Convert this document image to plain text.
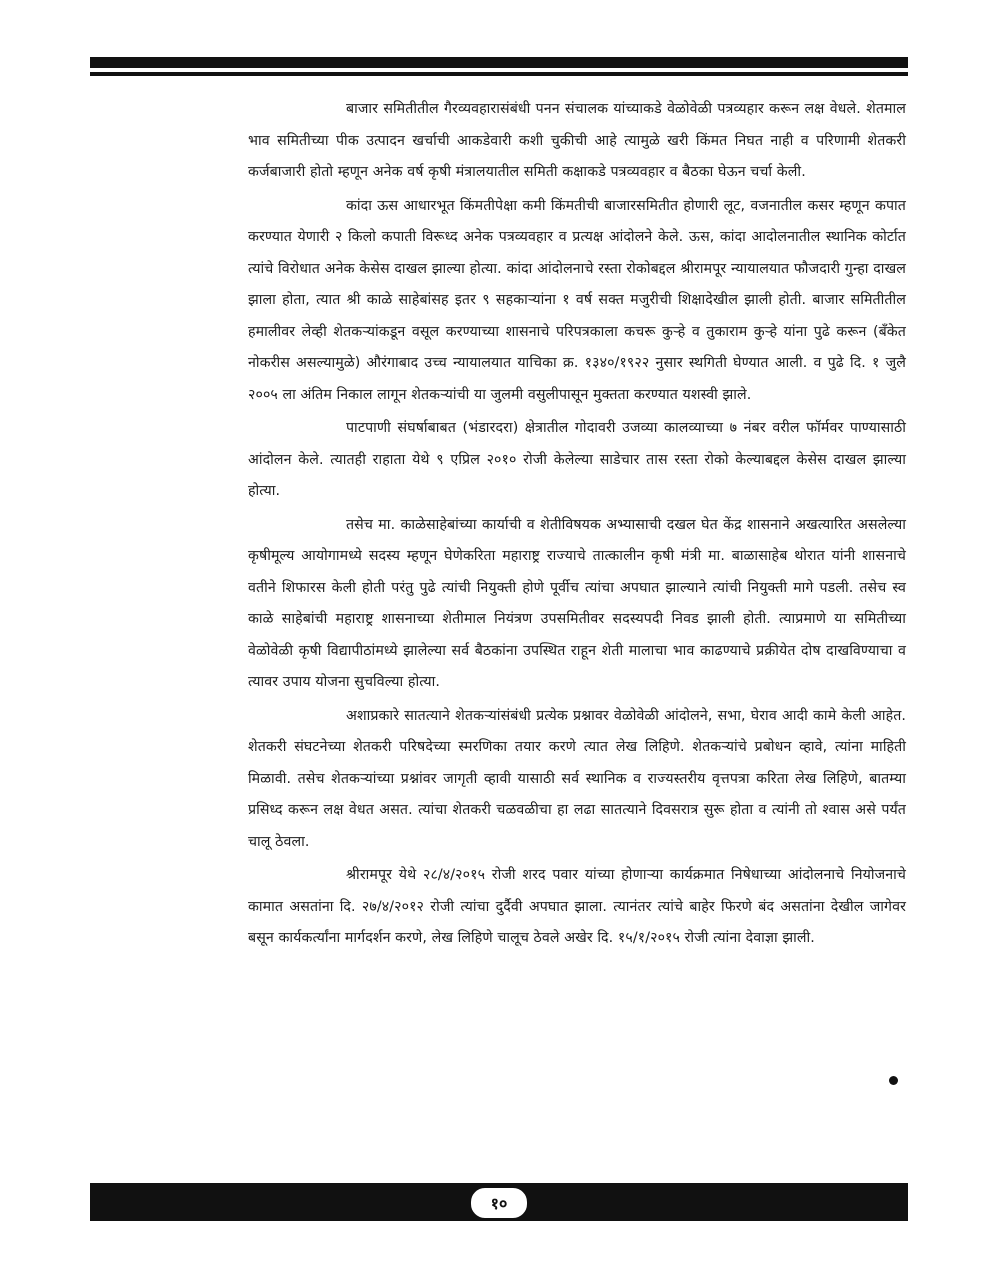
बाजार समितीतील गैरव्यवहारासंबंधी पनन संचालक यांच्याकडे वेळोवेळी पत्रव्यहार करून लक्ष वेधले. शेतमाल भाव समितीच्या पीक उत्पादन खर्चाची आकडेवारी कशी चुकीची आहे त्यामुळे खरी किंमत निघत नाही व परिणामी शेतकरी कर्जबाजारी होतो म्हणून अनेक वर्ष कृषी मंत्रालयातील समिती कक्षाकडे पत्रव्यवहार व बैठका घेऊन चर्चा केली.

कांदा ऊस आधारभूत किंमतीपेक्षा कमी किंमतीची बाजारसमितीत होणारी लूट, वजनातील कसर म्हणून कपात करण्यात येणारी २ किलो कपाती विरूध्द अनेक पत्रव्यवहार व प्रत्यक्ष आंदोलने केले. ऊस, कांदा आदोलनातील स्थानिक कोर्टात त्यांचे विरोधात अनेक केसेस दाखल झाल्या होत्या. कांदा आंदोलनाचे रस्ता रोकोबद्दल श्रीरामपूर न्यायालयात फौजदारी गुन्हा दाखल झाला होता, त्यात श्री काळे साहेबांसह इतर ९ सहकाऱ्यांना १ वर्ष सक्त मजुरीची शिक्षादेखील झाली होती. बाजार समितीतील हमालीवर लेव्ही शेतकऱ्यांकडून वसूल करण्याच्या शासनाचे परिपत्रकाला कचरू कुऱ्हे व तुकाराम कुऱ्हे यांना पुढे करून (बँकेत नोकरीस असल्यामुळे) औरंगाबाद उच्च न्यायालयात याचिका क्र. १३४०/१९२२ नुसार स्थगिती घेण्यात आली. व पुढे दि. १ जुलै २००५ ला अंतिम निकाल लागून शेतकऱ्यांची या जुलमी वसुलीपासून मुक्तता करण्यात यशस्वी झाले.

पाटपाणी संघर्षाबाबत (भंडारदरा) क्षेत्रातील गोदावरी उजव्या कालव्याच्या ७ नंबर वरील फॉर्मवर पाण्यासाठी आंदोलन केले. त्यातही राहाता येथे ९ एप्रिल २०१० रोजी केलेल्या साडेचार तास रस्ता रोको केल्याबद्दल केसेस दाखल झाल्या होत्या.

तसेच मा. काळेसाहेबांच्या कार्याची व शेतीविषयक अभ्यासाची दखल घेत केंद्र शासनाने अखत्यारित असलेल्या कृषीमूल्य आयोगामध्ये सदस्य म्हणून घेणेकरिता महाराष्ट्र राज्याचे तात्कालीन कृषी मंत्री मा. बाळासाहेब थोरात यांनी शासनाचे वतीने शिफारस केली होती परंतु पुढे त्यांची नियुक्ती होणे पूर्वीच त्यांचा अपघात झाल्याने त्यांची नियुक्ती मागे पडली. तसेच स्व काळे साहेबांची महाराष्ट्र शासनाच्या शेतीमाल नियंत्रण उपसमितीवर सदस्यपदी निवड झाली होती. त्याप्रमाणे या समितीच्या वेळोवेळी कृषी विद्यापीठांमध्ये झालेल्या सर्व बैठकांना उपस्थित राहून शेती मालाचा भाव काढण्याचे प्रक्रीयेत दोष दाखविण्याचा व त्यावर उपाय योजना सुचविल्या होत्या.

अशाप्रकारे सातत्याने शेतकऱ्यांसंबंधी प्रत्येक प्रश्नावर वेळोवेळी आंदोलने, सभा, घेराव आदी कामे केली आहेत. शेतकरी संघटनेच्या शेतकरी परिषदेच्या स्मरणिका तयार करणे त्यात लेख लिहिणे. शेतकऱ्यांचे प्रबोधन व्हावे, त्यांना माहिती मिळावी. तसेच शेतकऱ्यांच्या प्रश्नांवर जागृती व्हावी यासाठी सर्व स्थानिक व राज्यस्तरीय वृत्तपत्रा करिता लेख लिहिणे, बातम्या प्रसिध्द करून लक्ष वेधत असत. त्यांचा शेतकरी चळवळीचा हा लढा सातत्याने दिवसरात्र सुरू होता व त्यांनी तो श्वास असे पर्यंत चालू ठेवला.

श्रीरामपूर येथे २८/४/२०१५ रोजी शरद पवार यांच्या होणाऱ्या कार्यक्रमात निषेधाच्या आंदोलनाचे नियोजनाचे कामात असतांना दि. २७/४/२०१२ रोजी त्यांचा दुर्दैवी अपघात झाला. त्यानंतर त्यांचे बाहेर फिरणे बंद असतांना देखील जागेवर बसून कार्यकर्त्यांना मार्गदर्शन करणे, लेख लिहिणे चालूच ठेवले अखेर दि. १५/१/२०१५ रोजी त्यांना देवाज्ञा झाली.

१०
